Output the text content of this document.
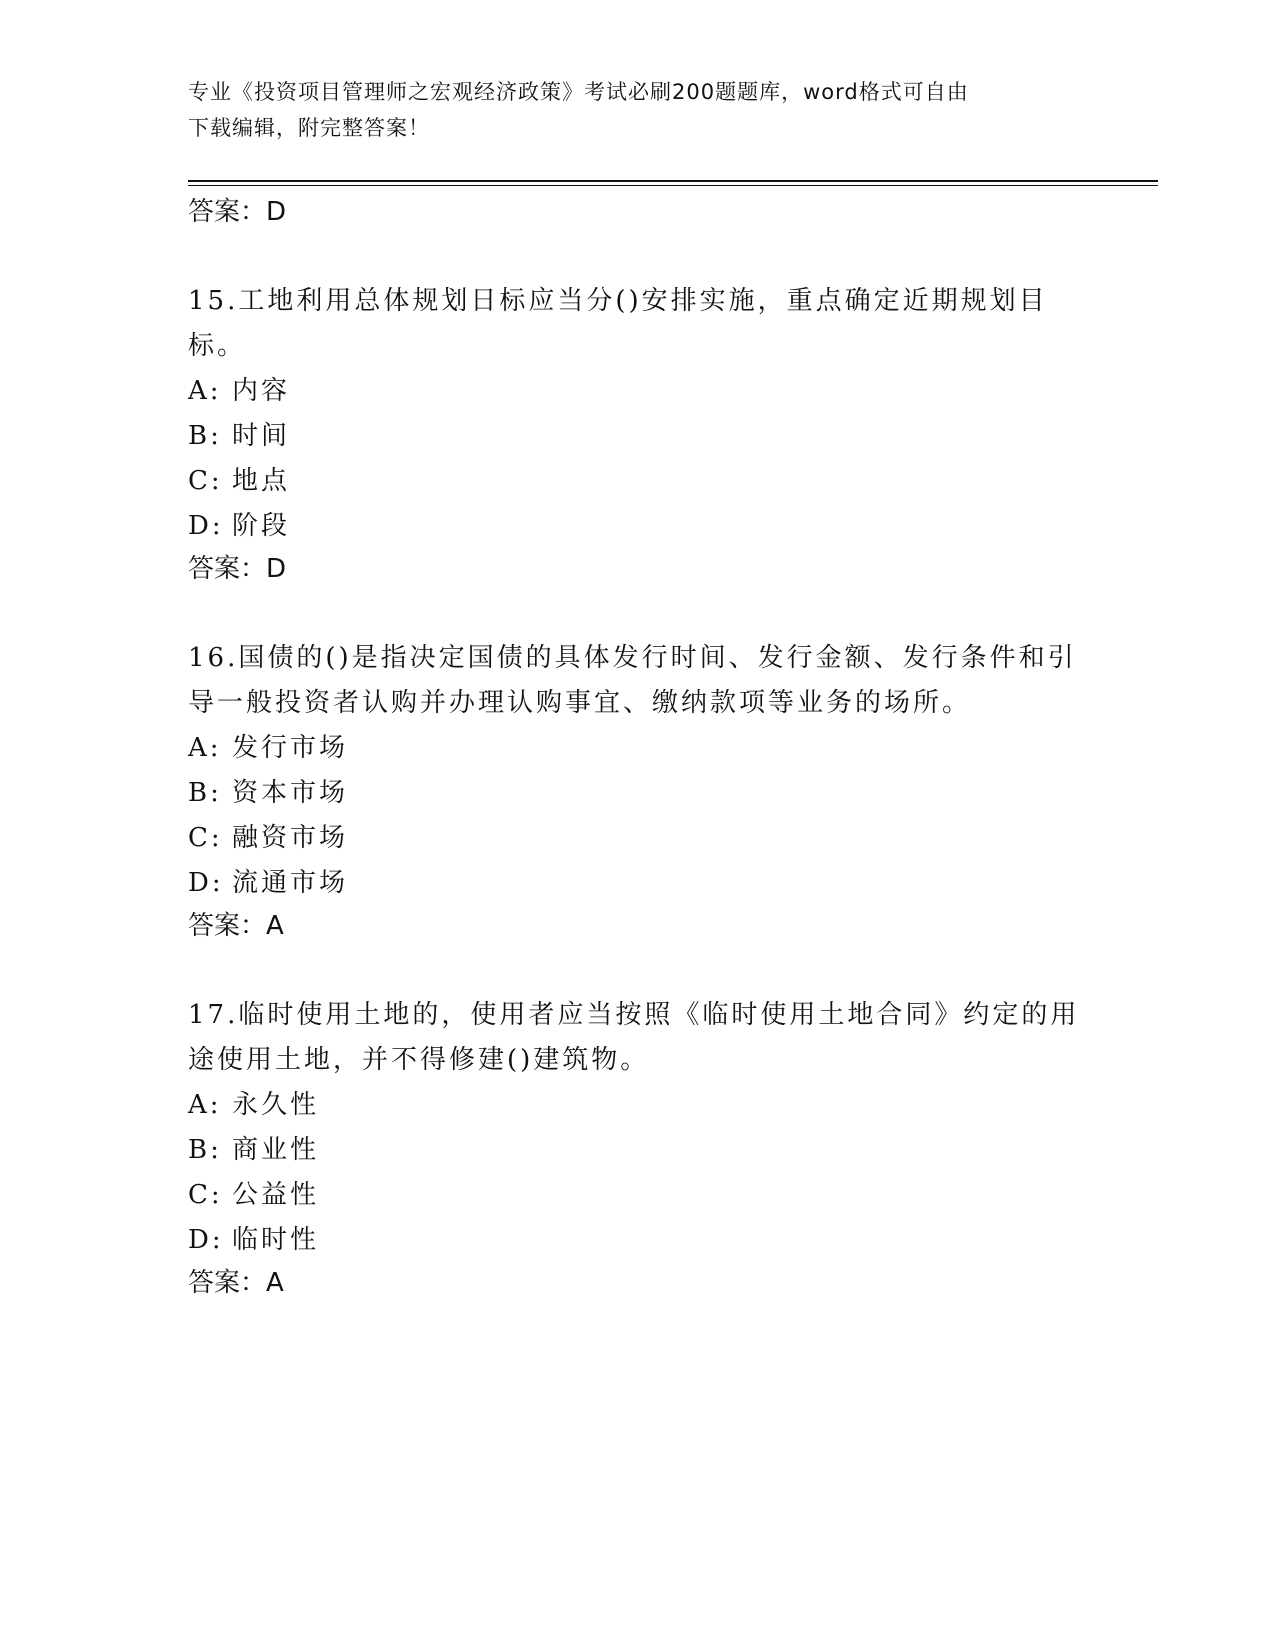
专业《投资项目管理师之宏观经济政策》考试必刷200题题库，word格式可自由
下载编辑，附完整答案！
答案：D
15.工地利用总体规划日标应当分()安排实施，重点确定近期规划目标。
A: 内容
B: 时间
C: 地点
D: 阶段
答案：D
16.国债的()是指决定国债的具体发行时间、发行金额、发行条件和引导一般投资者认购并办理认购事宜、缴纳款项等业务的场所。
A: 发行市场
B: 资本市场
C: 融资市场
D: 流通市场
答案：A
17.临时使用土地的，使用者应当按照《临时使用土地合同》约定的用途使用土地，并不得修建()建筑物。
A: 永久性
B: 商业性
C: 公益性
D: 临时性
答案：A
